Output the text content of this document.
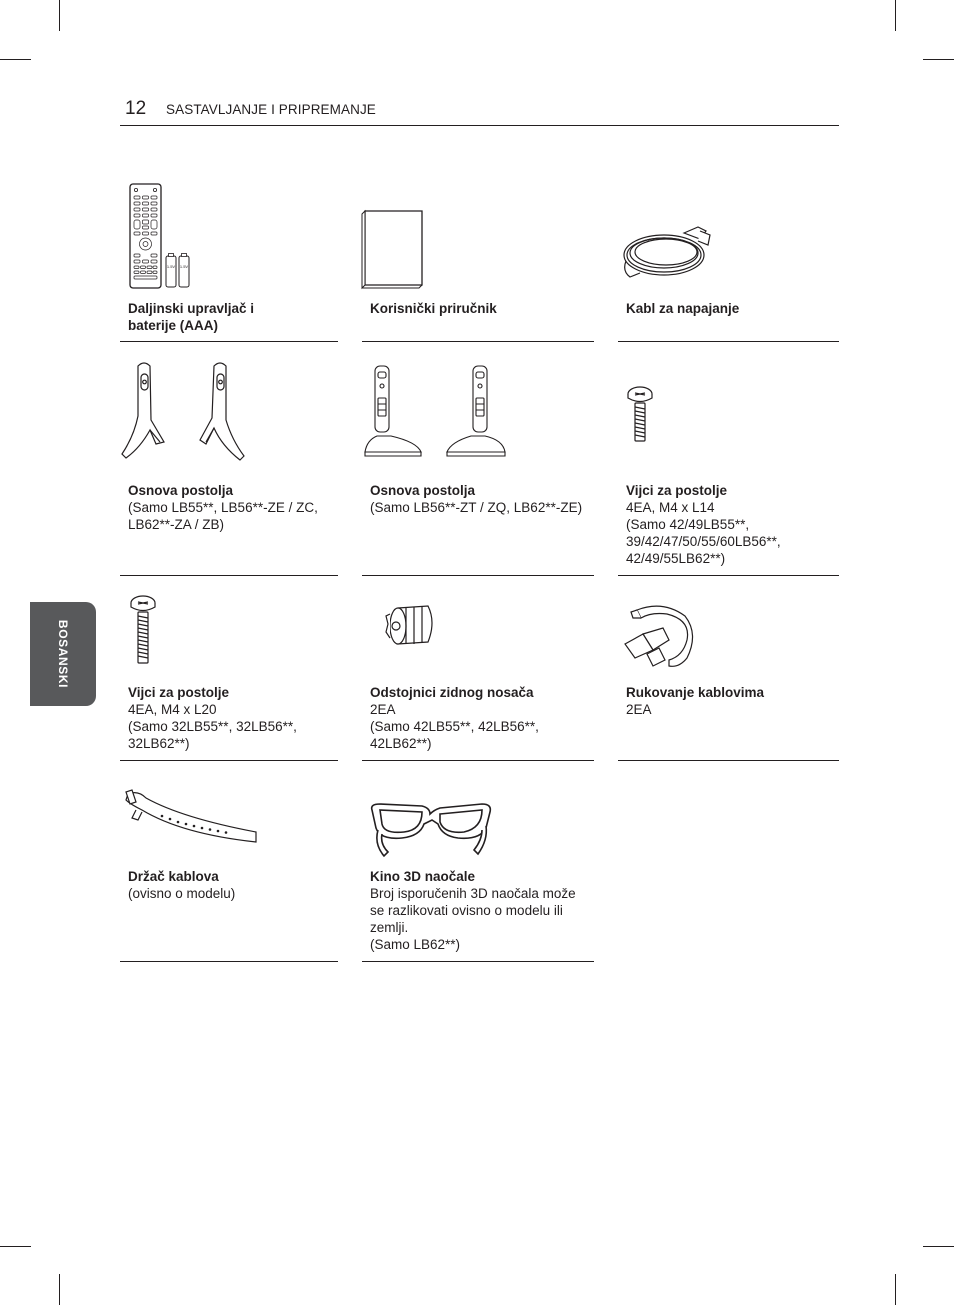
12 SASTAVLJANJE I PRIPREMANJE
BOSANSKI
1.5V 1.5V
Daljinski upravljač i
baterije (AAA)
Korisnički priručnik	Kabl za napajanje
Osnova postolja
(Samo LB55**, LB56**-ZE / ZC,
LB62**-ZA / ZB)
Osnova postolja
(Samo LB56**-ZT / ZQ, LB62**-ZE)
Vijci za postolje
4EA, M4 x L14
(Samo 42/49LB55**,
39/42/47/50/55/60LB56**,
42/49/55LB62**)
Vijci za postolje
4EA, M4 x L20
(Samo 32LB55**, 32LB56**,
32LB62**)
Odstojnici zidnog nosača
2EA
(Samo 42LB55**, 42LB56**,
42LB62**)
Rukovanje kablovima
2EA
Držač kablova
(ovisno o modelu)
Kino 3D naočale
Broj isporučenih 3D naočala može
se razlikovati ovisno o modelu ili
zemlji.
(Samo LB62**)
